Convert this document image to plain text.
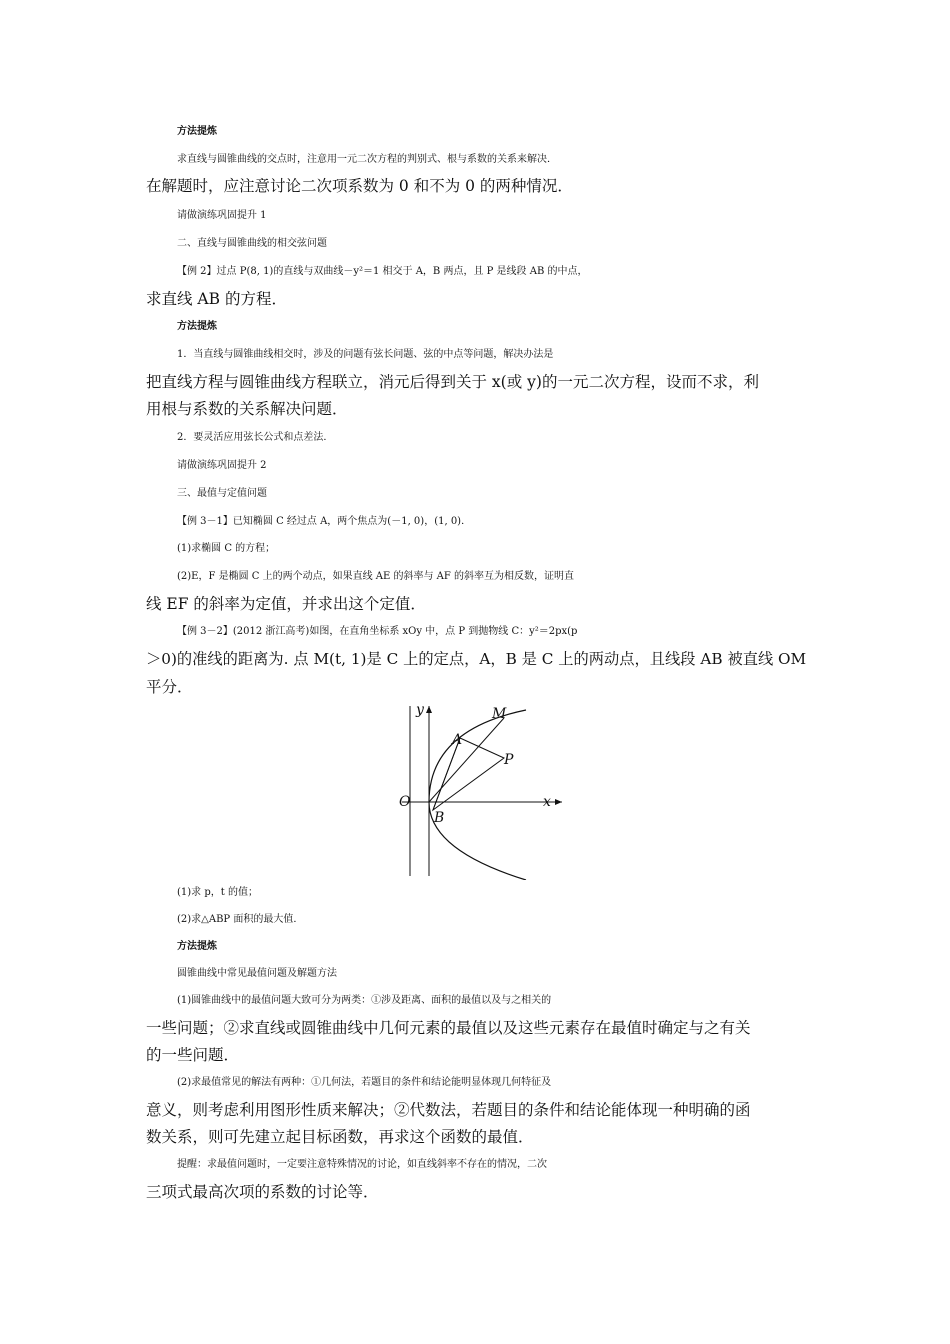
方法提炼
求直线与圆锥曲线的交点时，注意用一元二次方程的判别式、根与系数的关系来解决．
在解题时，应注意讨论二次项系数为 0 和不为 0 的两种情况．
请做演练巩固提升 1
二、直线与圆锥曲线的相交弦问题
【例 2】过点 P(8, 1)的直线与双曲线－y²＝1 相交于 A，B 两点，且 P 是线段 AB 的中点，
求直线 AB 的方程．
方法提炼
1．当直线与圆锥曲线相交时，涉及的问题有弦长问题、弦的中点等问题，解决办法是
把直线方程与圆锥曲线方程联立，消元后得到关于 x(或 y)的一元二次方程，设而不求，利
用根与系数的关系解决问题．
2．要灵活应用弦长公式和点差法．
请做演练巩固提升 2
三、最值与定值问题
【例 3－1】已知椭圆 C 经过点 A，两个焦点为(－1, 0)，(1, 0)．
(1)求椭圆 C 的方程；
(2)E，F 是椭圆 C 上的两个动点，如果直线 AE 的斜率与 AF 的斜率互为相反数，证明直
线 EF 的斜率为定值，并求出这个定值．
【例 3－2】(2012 浙江高考)如图，在直角坐标系 xOy 中，点 P 到抛物线 C：y²＝2px(p
＞0)的准线的距离为. 点 M(t, 1)是 C 上的定点，A，B 是 C 上的两动点，且线段 AB 被直线 OM
平分．
y
x
O
A
B
M
P
(1)求 p，t 的值；
(2)求△ABP 面积的最大值．
方法提炼
圆锥曲线中常见最值问题及解题方法
(1)圆锥曲线中的最值问题大致可分为两类：①涉及距离、面积的最值以及与之相关的
一些问题；②求直线或圆锥曲线中几何元素的最值以及这些元素存在最值时确定与之有关
的一些问题．
(2)求最值常见的解法有两种：①几何法，若题目的条件和结论能明显体现几何特征及
意义，则考虑利用图形性质来解决；②代数法，若题目的条件和结论能体现一种明确的函
数关系，则可先建立起目标函数，再求这个函数的最值．
提醒：求最值问题时，一定要注意特殊情况的讨论，如直线斜率不存在的情况，二次
三项式最高次项的系数的讨论等．
